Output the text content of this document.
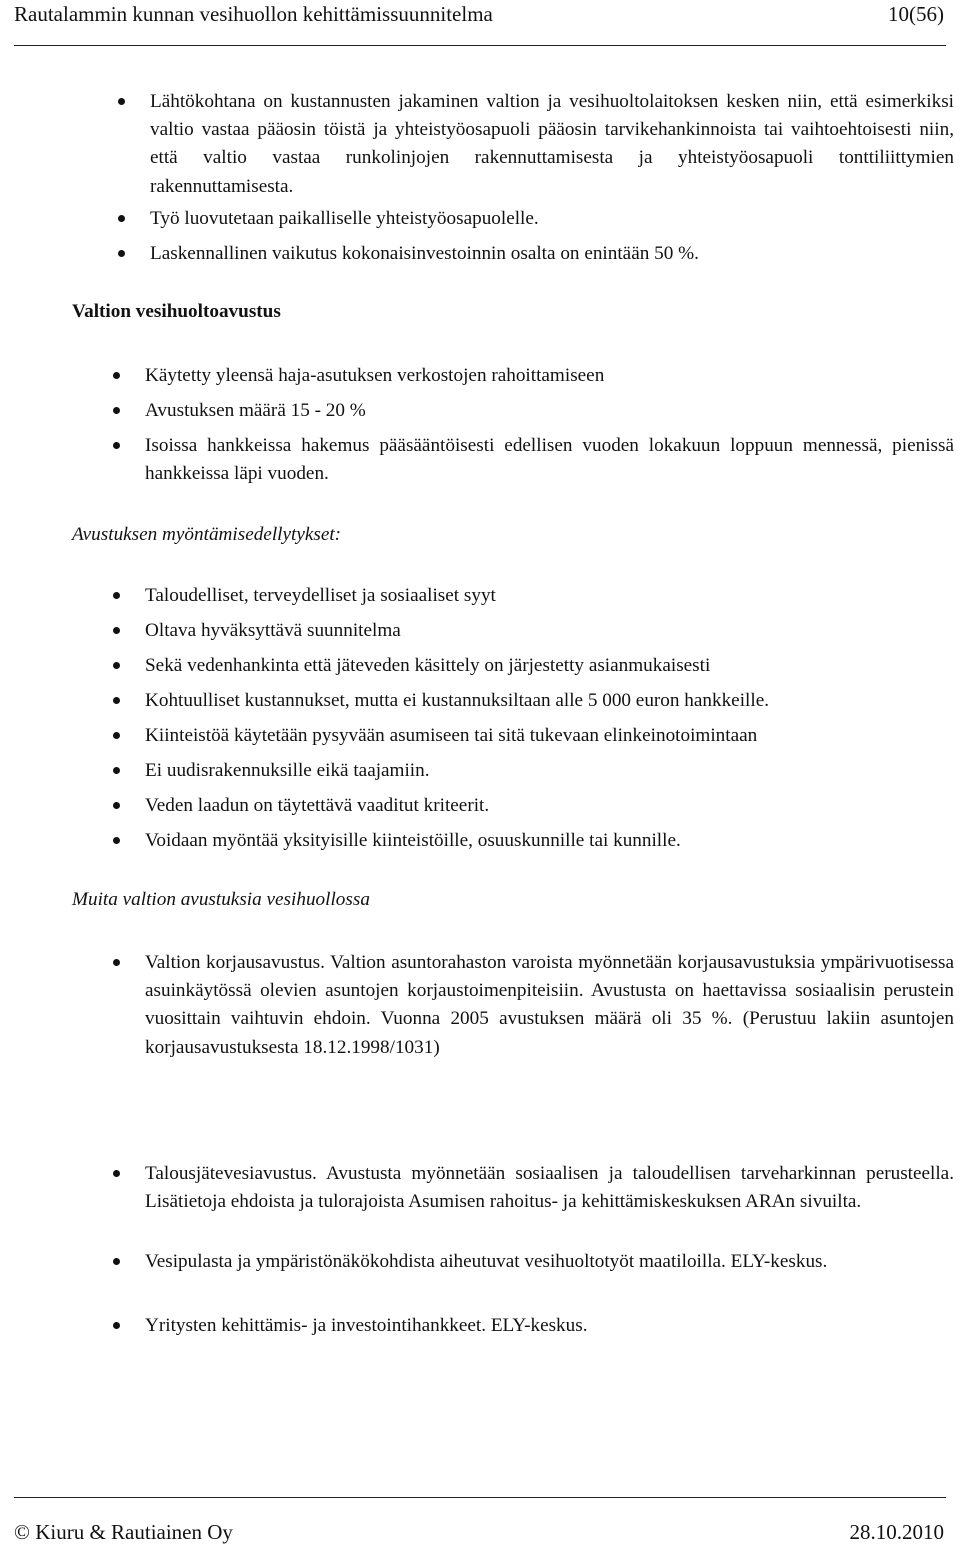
Rautalammin kunnan vesihuollon kehittämissuunnitelma	10(56)
Lähtökohtana on kustannusten jakaminen valtion ja vesihuoltolaitoksen kesken niin, että esimerkiksi valtio vastaa pääosin töistä ja yhteistyöosapuoli pääosin tarvikehankinnoista tai vaihtoehtoisesti niin, että valtio vastaa runkolinjojen rakennuttamisesta ja yhteistyöosapuoli tonttiliittymien rakennuttamisesta.
Työ luovutetaan paikalliselle yhteistyöosapuolelle.
Laskennallinen vaikutus kokonaisinvestoinnin osalta on enintään 50 %.
Valtion vesihuoltoavustus
Käytetty yleensä haja-asutuksen verkostojen rahoittamiseen
Avustuksen määrä 15 - 20 %
Isoissa hankkeissa hakemus pääsääntöisesti edellisen vuoden lokakuun loppuun mennessä, pienissä hankkeissa läpi vuoden.
Avustuksen myöntämisedellytykset:
Taloudelliset, terveydelliset ja sosiaaliset syyt
Oltava hyväksyttävä suunnitelma
Sekä vedenhankinta että jäteveden käsittely on järjestetty asianmukaisesti
Kohtuulliset kustannukset, mutta ei kustannuksiltaan alle 5 000 euron hankkeille.
Kiinteistöä käytetään pysyvään asumiseen tai sitä tukevaan elinkeinotoimintaan
Ei uudisrakennuksille eikä taajamiin.
Veden laadun on täytettävä vaaditut kriteerit.
Voidaan myöntää yksityisille kiinteistöille, osuuskunnille tai kunnille.
Muita valtion avustuksia vesihuollossa
Valtion korjausavustus. Valtion asuntorahaston varoista myönnetään korjausavustuksia ympärivuotisessa asuinkäytössä olevien asuntojen korjaustoimenpiteisiin. Avustusta on haettavissa sosiaalisin perustein vuosittain vaihtuvin ehdoin. Vuonna 2005 avustuksen määrä oli 35 %. (Perustuu lakiin asuntojen korjausavustuksesta 18.12.1998/1031)
Talousjätevesiavustus. Avustusta myönnetään sosiaalisen ja taloudellisen tarveharkinnan perusteella. Lisätietoja ehdoista ja tulorajoista Asumisen rahoitus- ja kehittämiskeskuksen ARAn sivuilta.
Vesipulasta ja ympäristönäkökohdista aiheutuvat vesihuoltotyöt maatiloilla. ELY-keskus.
Yritysten kehittämis- ja investointihankkeet. ELY-keskus.
© Kiuru & Rautiainen Oy	28.10.2010
